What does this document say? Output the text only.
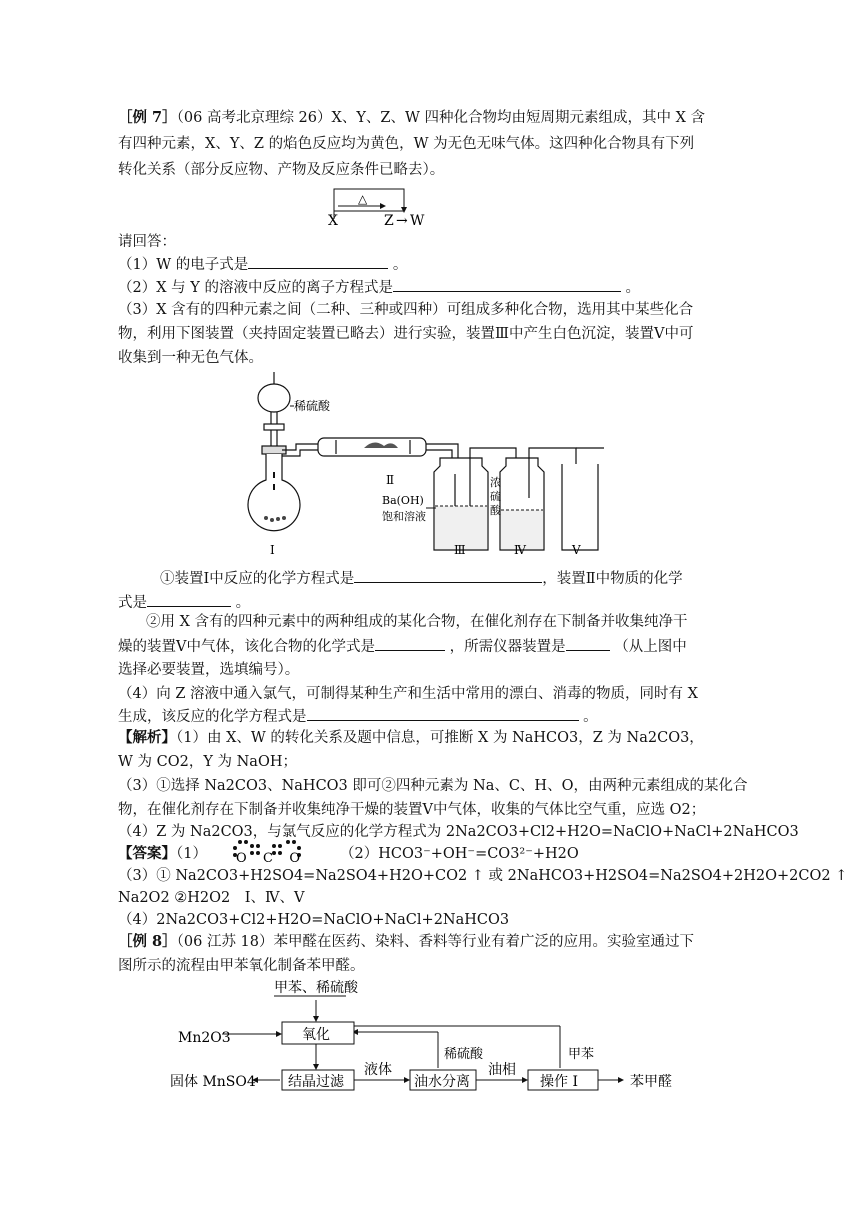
［例 7］（06 高考北京理综 26）X、Y、Z、W 四种化合物均由短周期元素组成，其中 X 含
有四种元素，X、Y、Z 的焰色反应均为黄色，W 为无色无味气体。这四种化合物具有下列
转化关系（部分反应物、产物及反应条件已略去）。
△
X	Z → W
请回答：
（1）W 的电子式是	。
（2）X 与 Y 的溶液中反应的离子方程式是	。
（3）X 含有的四种元素之间（二种、三种或四种）可组成多种化合物，选用其中某些化合
物，利用下图装置（夹持固定装置已略去）进行实验，装置Ⅲ中产生白色沉淀，装置Ⅴ中可
收集到一种无色气体。
稀硫酸
Ⅱ
Ba(OH)
饱和溶液
浓
硫
酸
Ⅰ	Ⅲ	Ⅳ	Ⅴ
①装置Ⅰ中反应的化学方程式是	，装置Ⅱ中物质的化学
式是	。
②用 X 含有的四种元素中的两种组成的某化合物，在催化剂存在下制备并收集纯净干
燥的装置Ⅴ中气体，该化合物的化学式是	，所需仪器装置是	（从上图中
选择必要装置，选填编号）。
（4）向 Z 溶液中通入氯气，可制得某种生产和生活中常用的漂白、消毒的物质，同时有 X
生成，该反应的化学方程式是	。
【解析】（1）由 X、W 的转化关系及题中信息，可推断 X 为 NaHCO3，Z 为 Na2CO3，
W 为 CO2，Y 为 NaOH；
（3）①选择 Na2CO3、NaHCO3 即可②四种元素为 Na、C、H、O，由两种元素组成的某化合
物，在催化剂存在下制备并收集纯净干燥的装置Ⅴ中气体，收集的气体比空气重，应选 O2；
（4）Z 为 Na2CO3，与氯气反应的化学方程式为 2Na2CO3+Cl2+H2O=NaClO+NaCl+2NaHCO3
【答案】（1） O C O	（2）HCO3⁻+OH⁻=CO3²⁻+H2O
（3）① Na2CO3+H2SO4=Na2SO4+H2O+CO2 ↑ 或 2NaHCO3+H2SO4=Na2SO4+2H2O+2CO2 ↑
Na2O2 ②H2O2　Ⅰ、Ⅳ、Ⅴ
（4）2Na2CO3+Cl2+H2O=NaClO+NaCl+2NaHCO3
［例 8］（06 江苏 18）苯甲醛在医药、染料、香料等行业有着广泛的应用。实验室通过下
图所示的流程由甲苯氧化制备苯甲醛。
甲苯、稀硫酸
Mn2O3	氧化
固体 MnSO4 结晶过滤
液体
油水分离
稀硫酸
油相
操作 I
甲苯
苯甲醛
